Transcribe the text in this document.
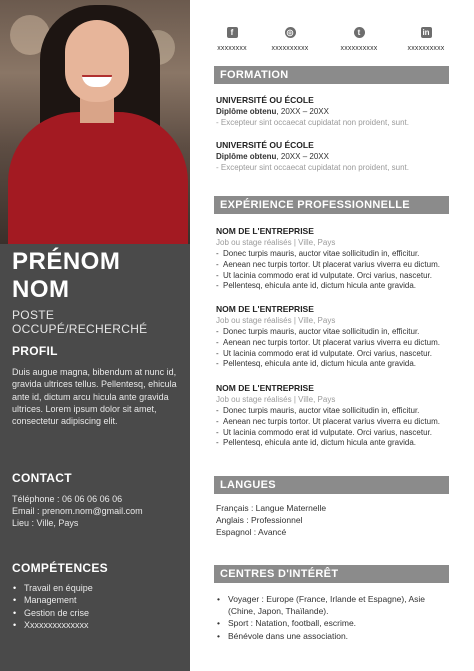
PRÉNOM
NOM
POSTE OCCUPÉ/RECHERCHÉ
PROFIL
Duis augue magna, bibendum at nunc id, gravida ultrices tellus. Pellentesq, ehicula ante id, dictum arcu hicula ante gravida ultrices. Lorem ipsum dolor sit amet, consectetur adipiscing elit.
CONTACT
Téléphone : 06 06 06 06 06
Email : prenom.nom@gmail.com
Lieu : Ville, Pays
COMPÉTENCES
• Travail en équipe
• Management
• Gestion de crise
• Xxxxxxxxxxxxxx
f
xxxxxxxx
◎
xxxxxxxxxx
t
xxxxxxxxxx
in
xxxxxxxxxx
FORMATION
UNIVERSITÉ OU ÉCOLE
Diplôme obtenu, 20XX – 20XX
- Excepteur sint occaecat cupidatat non proident, sunt.
UNIVERSITÉ OU ÉCOLE
Diplôme obtenu, 20XX – 20XX
- Excepteur sint occaecat cupidatat non proident, sunt.
EXPÉRIENCE PROFESSIONNELLE
NOM DE L'ENTREPRISE
Job ou stage réalisés | Ville, Pays
- Donec turpis mauris, auctor vitae sollicitudin in, efficitur.
- Aenean nec turpis tortor. Ut placerat varius viverra eu dictum.
- Ut lacinia commodo erat id vulputate. Orci varius, nascetur.
- Pellentesq, ehicula ante id, dictum hicula ante gravida.
NOM DE L'ENTREPRISE
Job ou stage réalisés | Ville, Pays
- Donec turpis mauris, auctor vitae sollicitudin in, efficitur.
- Aenean nec turpis tortor. Ut placerat varius viverra eu dictum.
- Ut lacinia commodo erat id vulputate. Orci varius, nascetur.
- Pellentesq, ehicula ante id, dictum hicula ante gravida.
NOM DE L'ENTREPRISE
Job ou stage réalisés | Ville, Pays
- Donec turpis mauris, auctor vitae sollicitudin in, efficitur.
- Aenean nec turpis tortor. Ut placerat varius viverra eu dictum.
- Ut lacinia commodo erat id vulputate. Orci varius, nascetur.
- Pellentesq, ehicula ante id, dictum hicula ante gravida.
LANGUES
Français : Langue Maternelle
Anglais : Professionnel
Espagnol : Avancé
CENTRES D'INTÉRÊT
• Voyager : Europe (France, Irlande et Espagne), Asie (Chine, Japon, Thaïlande).
• Sport : Natation, football, escrime.
• Bénévole dans une association.
